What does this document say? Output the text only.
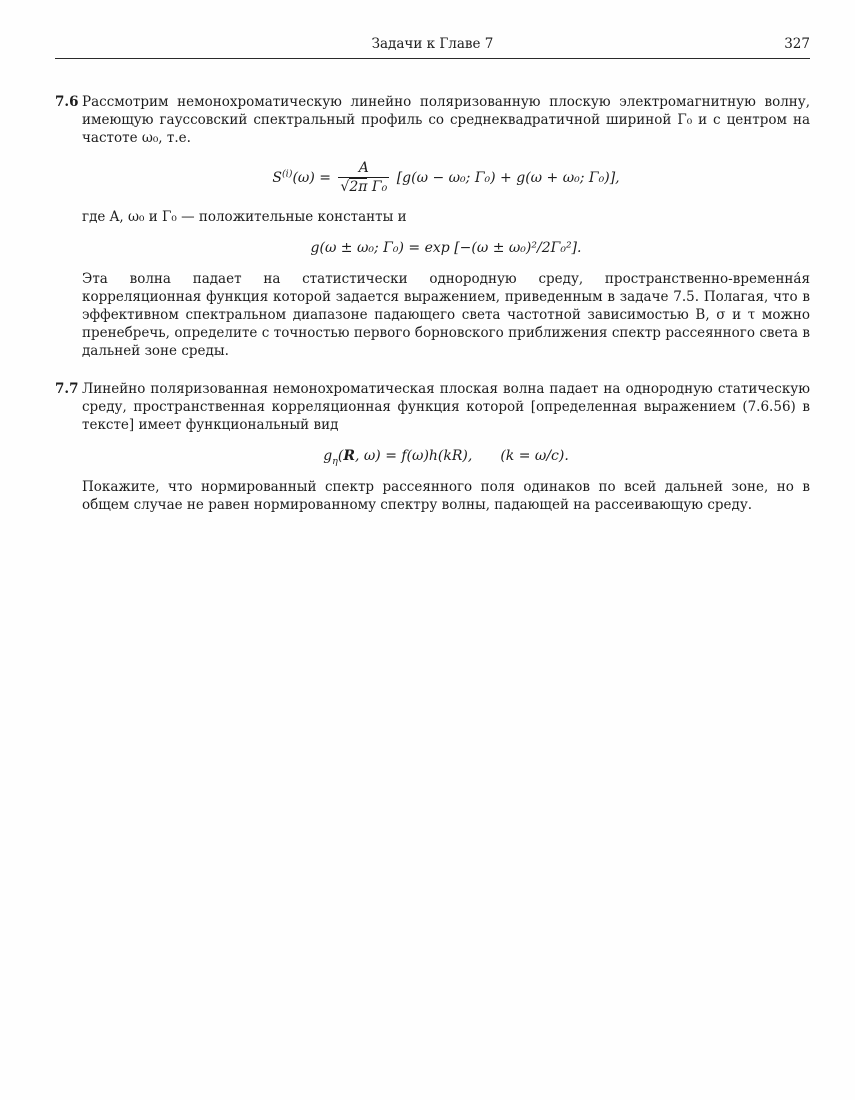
Задачи к Главе 7	327
7.6 Рассмотрим немонохроматическую линейно поляризованную плоскую электромагнитную волну, имеющую гауссовский спектральный профиль со среднеквадратичной шириной Γ₀ и с центром на частоте ω₀, т.е.

$S^{(i)}(\omega) = \frac{A}{\text{√2π Γ₀}} [g(\omega - \omega_0$; Γ₀) + g(ω + ω₀; Γ₀)],

где A, ω₀ и Γ₀ — положительные константы и

g(ω ± ω₀; Γ₀) = exp [−(ω ± ω₀)²/2Γ₀²].

Эта волна падает на статистически однородную среду, пространственно-временна́я корреляционная функция которой задается выражением, приведенным в задаче 7.5. Полагая, что в эффективном спектральном диапазоне падающего света частотной зависимостью B, σ и τ можно пренебречь, определите с точностью первого борновского приближения спектр рассеянного света в дальней зоне среды.

7.7 Линейно поляризованная немонохроматическая плоская волна падает на однородную статическую среду, пространственная корреляционная функция которой [определенная выражением (7.6.56) в тексте] имеет функциональный вид

$g_\eta(R$, ω) = f(ω)h(kR), (k = ω/c).

Покажите, что нормированный спектр рассеянного поля одинаков по всей дальней зоне, но в общем случае не равен нормированному спектру волны, падающей на рассеивающую среду.
